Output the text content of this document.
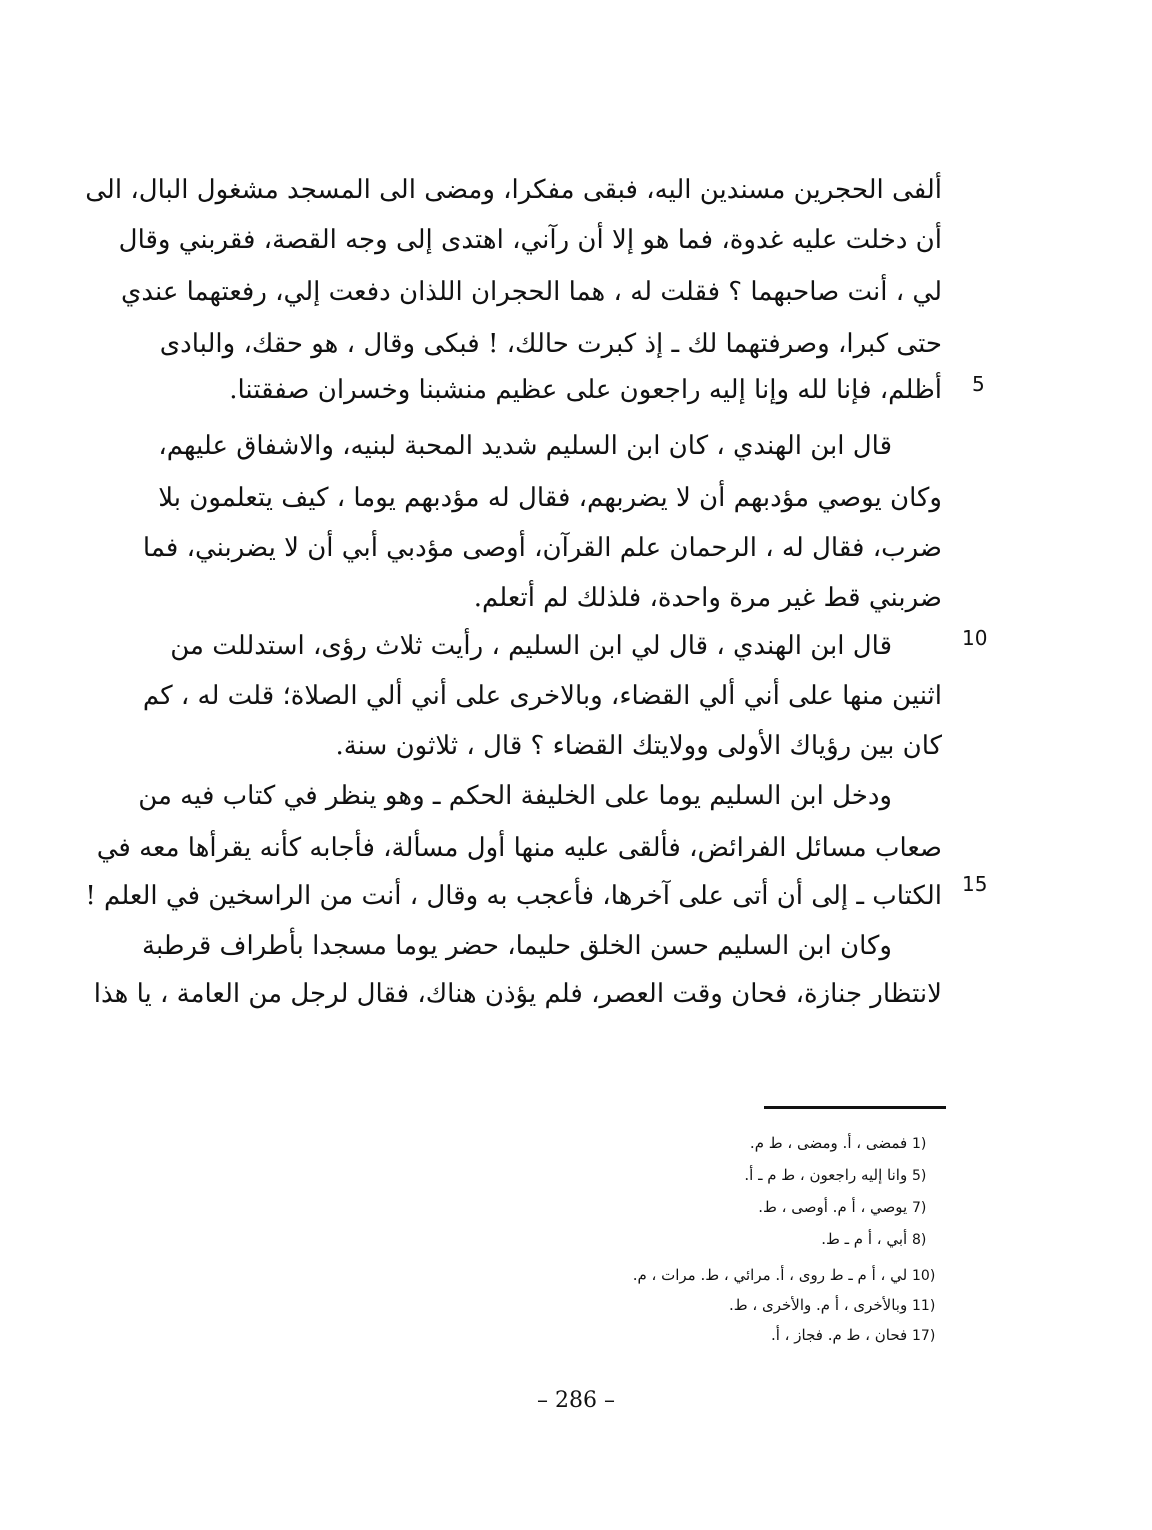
ألفى الحجرين مسندين اليه، فبقى مفكرا، ومضى الى المسجد مشغول البال، الى
أن دخلت عليه غدوة، فما هو إلا أن رآني، اهتدى إلى وجه القصة، فقربني وقال
لي ، أنت صاحبهما ؟ فقلت له ، هما الحجران اللذان دفعت إلي، رفعتهما عندي
حتى كبرا، وصرفتهما لك ـ إذ كبرت حالك، ! فبكى وقال ، هو حقك، والبادى
أظلم، فإنا لله وإنا إليه راجعون على عظيم منشبنا وخسران صفقتنا.
قال ابن الهندي ، كان ابن السليم شديد المحبة لبنيه، والاشفاق عليهم،
وكان يوصي مؤدبهم أن لا يضربهم، فقال له مؤدبهم يوما ، كيف يتعلمون بلا
ضرب، فقال له ، الرحمان علم القرآن، أوصى مؤدبي أبي أن لا يضربني، فما
ضربني قط غير مرة واحدة، فلذلك لم أتعلم.
قال ابن الهندي ، قال لي ابن السليم ، رأيت ثلاث رؤى، استدللت من
اثنين منها على أني ألي القضاء، وبالاخرى على أني ألي الصلاة؛ قلت له ، كم
كان بين رؤياك الأولى وولايتك القضاء ؟ قال ، ثلاثون سنة.
ودخل ابن السليم يوما على الخليفة الحكم ـ وهو ينظر في كتاب فيه من
صعاب مسائل الفرائض، فألقى عليه منها أول مسألة، فأجابه كأنه يقرأها معه في
الكتاب ـ إلى أن أتى على آخرها، فأعجب به وقال ، أنت من الراسخين في العلم !
وكان ابن السليم حسن الخلق حليما، حضر يوما مسجدا بأطراف قرطبة
لانتظار جنازة، فحان وقت العصر، فلم يؤذن هناك، فقال لرجل من العامة ، يا هذا
5
10
15
1) فمضى ، أ. ومضى ، ط م.
5) وانا إليه راجعون ، ط م ـ أ.
7) يوصي ، أ م. أوصى ، ط.
8) أبي ، أ م ـ ط.
10) لي ، أ م ـ ط روى ، أ. مرائي ، ط. مرات ، م.
11) وبالأخرى ، أ م. والأخرى ، ط.
17) فحان ، ط م. فجاز ، أ.
– 286 –
